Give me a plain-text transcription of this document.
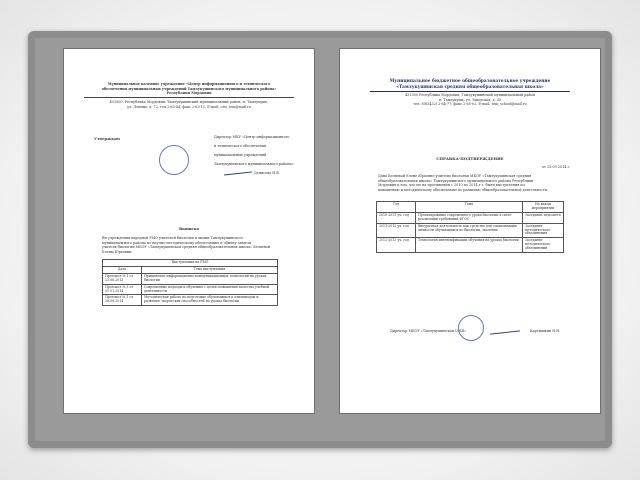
Муниципальное казенное учреждение «Центр информационного и технического
обеспечения муниципальных учреждений Тамлукушинского муниципального района»
Республики Мордовия
431500, Республика Мордовия, Тамлукушинский муниципальный район, п. Тамлукушь,
ул. Ленина, д. 72, тел.2-65-44, факс 2-63-11, E-mail: cito_tem@mail.ru
Утверждаю	Директор МКУ «Центр информационного
и технического обеспечения
муниципальных учреждений
Тамлукушинского муниципального района»
Денисова Н.В.
Выписка
Вн учреждения народной РМО учителей биологии и химии Тамлукушинского
муниципального района по научно-методическому обеспечению и обмену опытом
учителя биологии МБОУ «Тамлукушинская средняя общеобразовательная школа» Беляевой
Елены Юрьевны
Выступления на РМО	
Дата	Тема выступления
Протокол № 1 от 23.08.2013	Применение информационно-коммуникационных технологий на уроках биологии
Протокол № 3 от 31.01.2014	Современные подходы к обучению с целью повышения качества учебной деятельности
Протокол № 1 от 28.08.2014	Методическая работа по подготовке обучающихся к олимпиадам и развитию творческих способностей на уроках биологии
Муниципальное бюджетное общеобразовательное учреждение
«Тамлукушинская средняя общеобразовательная школа»
431500 Республика Мордовия, Тамлукушинский муниципальный район
п. Тамлукушь, ул. Заводская, д. 35
тел. 8(83432) 2-64-77, факс 2-65-02, E-mail: tem_school@mail.ru
СПРАВКА-ПОДТВЕРЖДЕНИЕ
от 25.09.2014 г.
Дана Беляевой Елене Юрьевне учителю биологии МБОУ «Тамлукушинская средняя
общеобразовательная школа» Тамлукушинского муниципального района Республики
Мордовия в том, что ею на протяжении с 2010 по 2014 г.г. были выступления по
повышению и методическому обеспечению по развитию общеобразовательной деятельности.
Год	Тема	На каком мероприятии
2010-2011 уч. год	Проектирование современного урока биологии в свете реализации требований ФГОС	Заседание педсовета
2011-2012 уч. год	Внеурочная деятельность как средство для социализации личности обучающихся по биологии, экологии	Заседание методического объединения
2012-2013 уч. год	Технология интенсификации обучения на уроках биологии	Заседание методического объединения
Директор МБОУ «Тамлукушинская СОШ»	Картышкин Н.Н.
